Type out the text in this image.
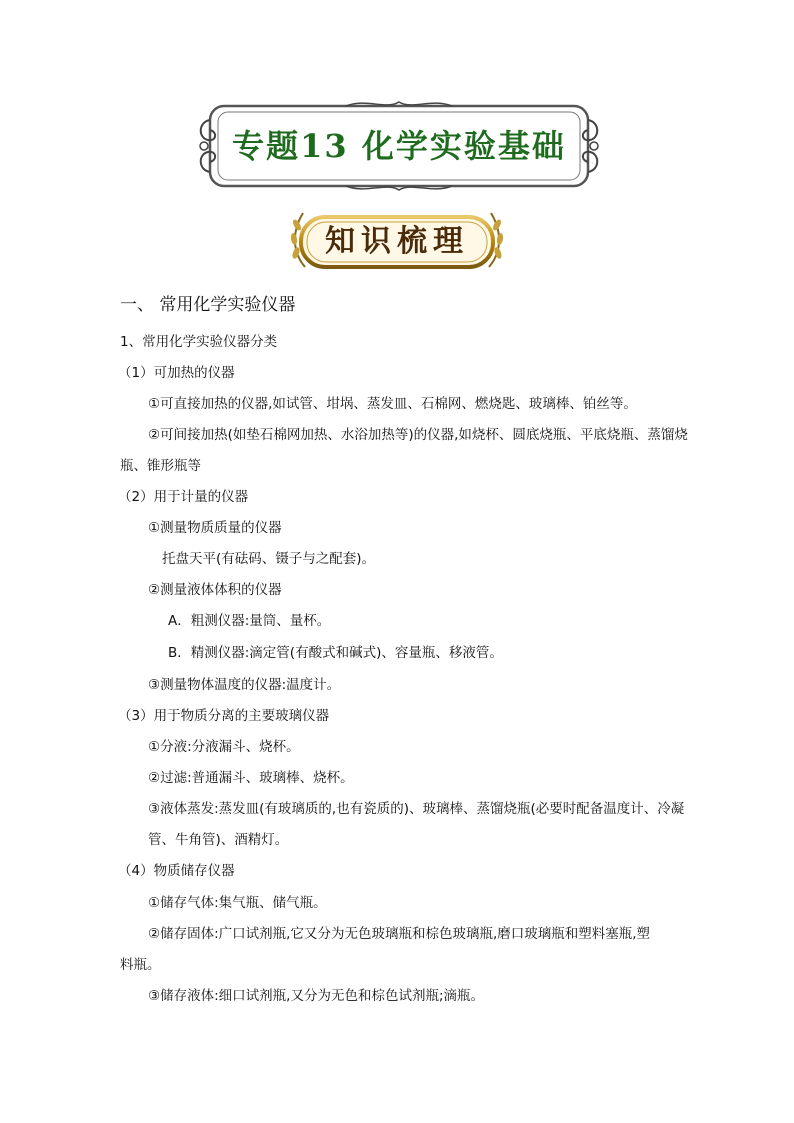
专题13 化学实验基础
知识梳理
一、 常用化学实验仪器
1、常用化学实验仪器分类
（1）可加热的仪器
①可直接加热的仪器,如试管、坩埚、蒸发皿、石棉网、燃烧匙、玻璃棒、铂丝等。
②可间接加热(如垫石棉网加热、水浴加热等)的仪器,如烧杯、圆底烧瓶、平底烧瓶、蒸馏烧
瓶、锥形瓶等
（2）用于计量的仪器
①测量物质质量的仪器
托盘天平(有砝码、镊子与之配套)。
②测量液体体积的仪器
A．粗测仪器:量筒、量杯。
B．精测仪器:滴定管(有酸式和碱式)、容量瓶、移液管。
③测量物体温度的仪器:温度计。
（3）用于物质分离的主要玻璃仪器
①分液:分液漏斗、烧杯。
②过滤:普通漏斗、玻璃棒、烧杯。
③液体蒸发:蒸发皿(有玻璃质的,也有瓷质的)、玻璃棒、蒸馏烧瓶(必要时配备温度计、冷凝
管、牛角管)、酒精灯。
（4）物质储存仪器
①储存气体:集气瓶、储气瓶。
②储存固体:广口试剂瓶,它又分为无色玻璃瓶和棕色玻璃瓶,磨口玻璃瓶和塑料塞瓶,塑
料瓶。
③储存液体:细口试剂瓶,又分为无色和棕色试剂瓶;滴瓶。
